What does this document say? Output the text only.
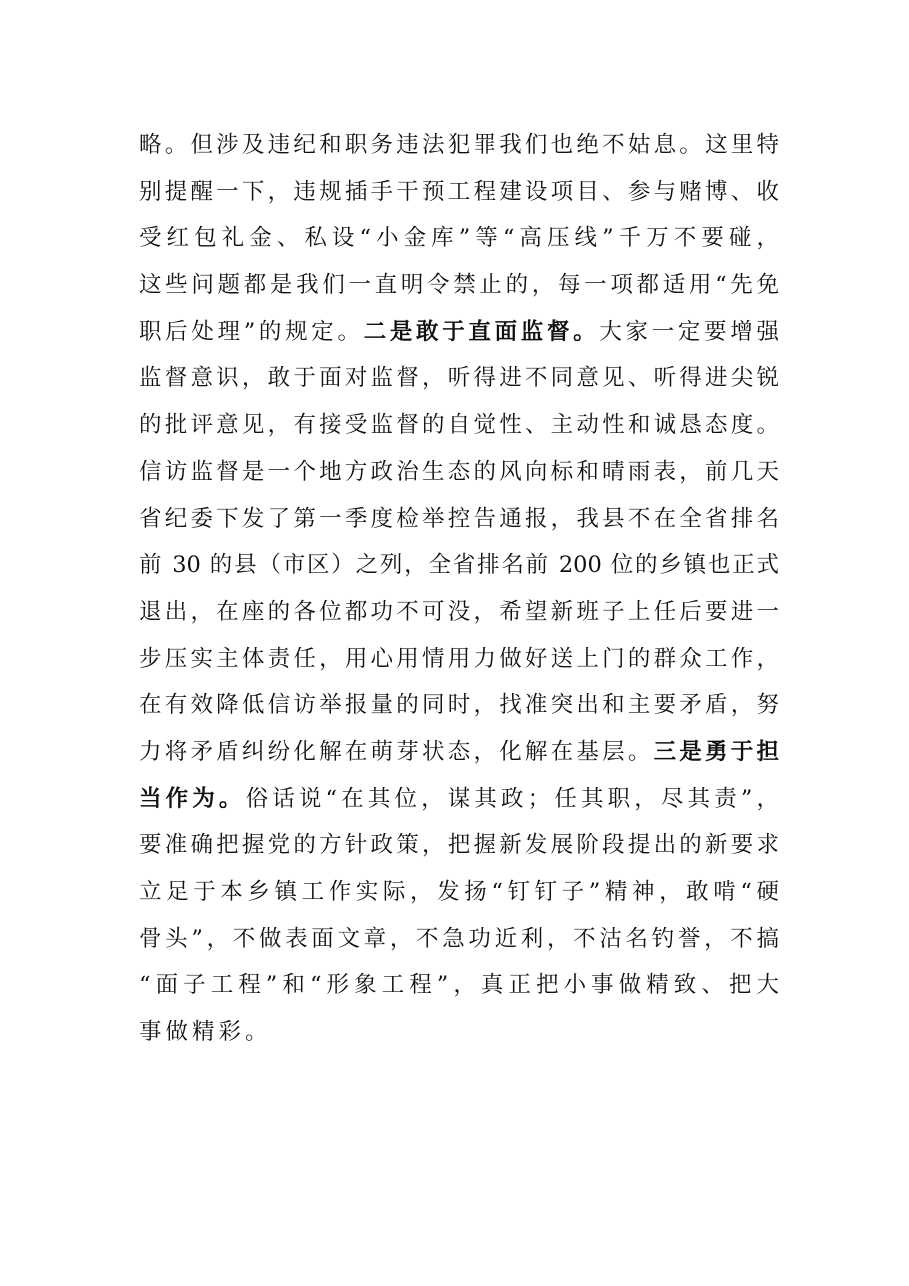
略。但涉及违纪和职务违法犯罪我们也绝不姑息。这里特
别提醒一下，违规插手干预工程建设项目、参与赌博、收
受红包礼金、私设“小金库”等“高压线”千万不要碰，
这些问题都是我们一直明令禁止的，每一项都适用“先免
职后处理”的规定。二是敢于直面监督。大家一定要增强
监督意识，敢于面对监督，听得进不同意见、听得进尖锐
的批评意见，有接受监督的自觉性、主动性和诚恳态度。
信访监督是一个地方政治生态的风向标和晴雨表，前几天
省纪委下发了第一季度检举控告通报，我县不在全省排名
前 30 的县（市区）之列，全省排名前 200 位的乡镇也正式
退出，在座的各位都功不可没，希望新班子上任后要进一
步压实主体责任，用心用情用力做好送上门的群众工作，
在有效降低信访举报量的同时，找准突出和主要矛盾，努
力将矛盾纠纷化解在萌芽状态，化解在基层。三是勇于担
当作为。俗话说“在其位，谋其政；任其职，尽其责”，
要准确把握党的方针政策，把握新发展阶段提出的新要求
立足于本乡镇工作实际，发扬“钉钉子”精神，敢啃“硬
骨头”，不做表面文章，不急功近利，不沽名钓誉，不搞
“面子工程”和“形象工程”，真正把小事做精致、把大
事做精彩。
